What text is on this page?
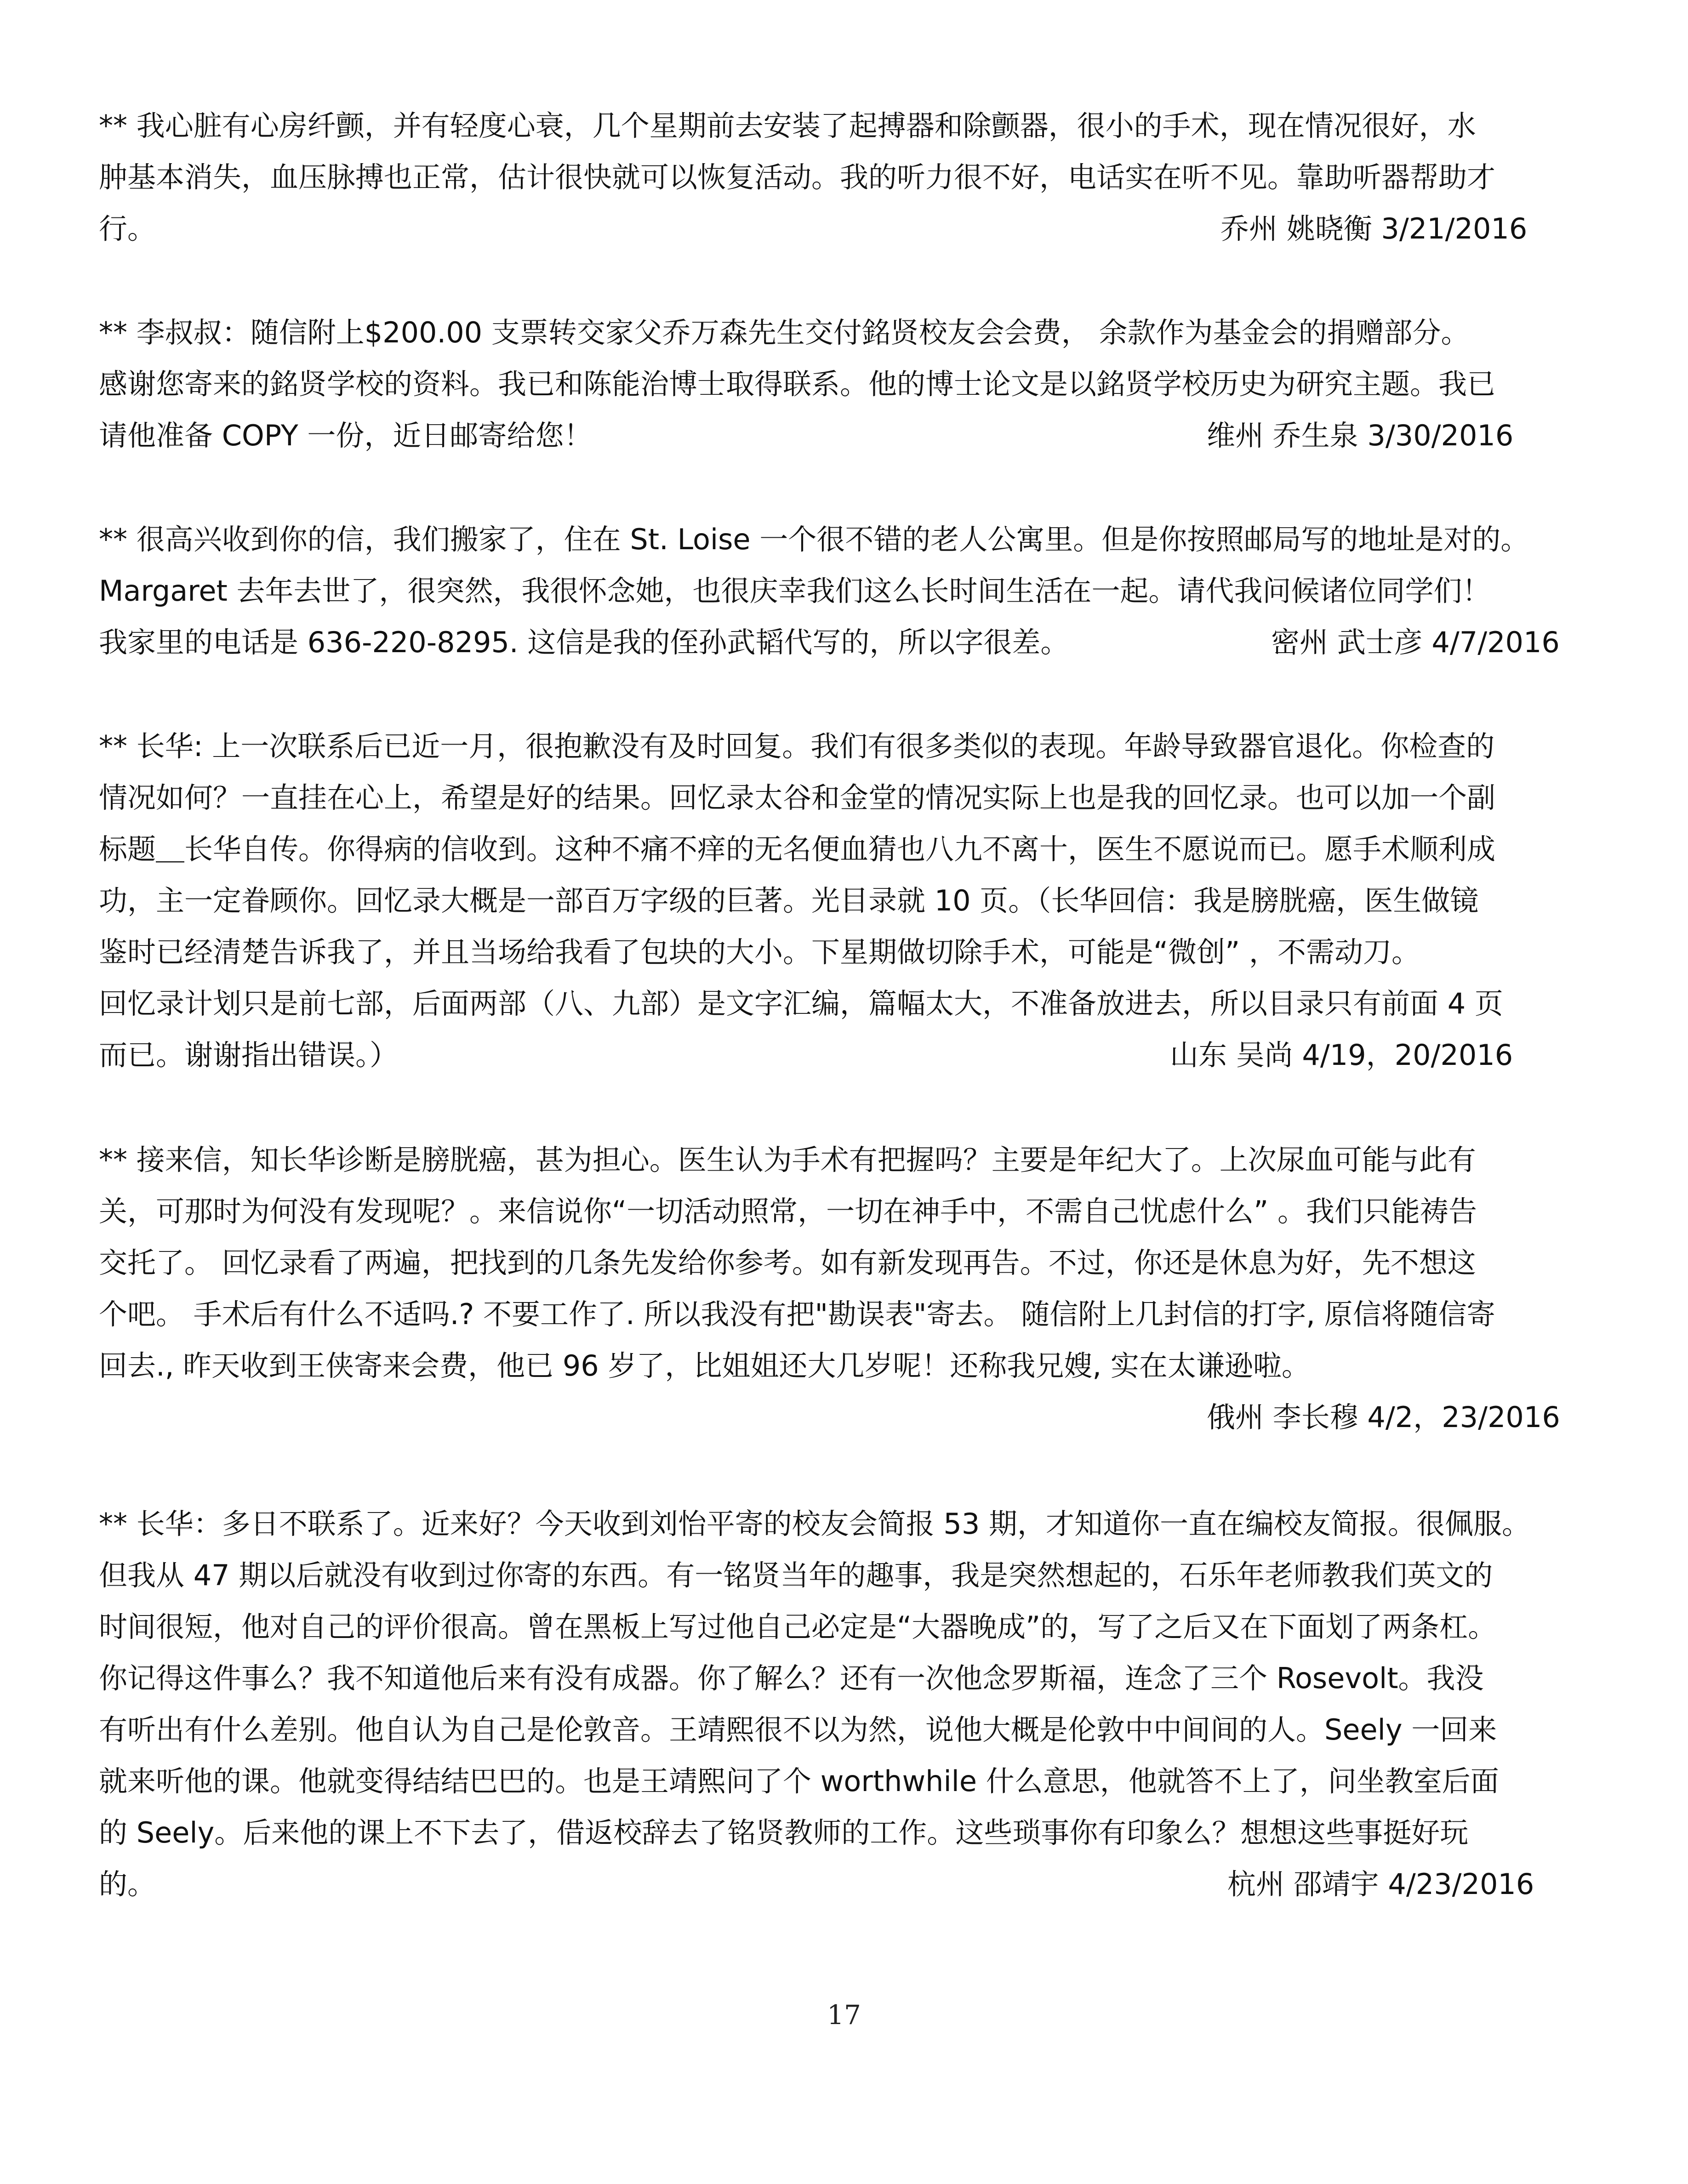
** 我心脏有心房纤颤，并有轻度心衰，几个星期前去安装了起搏器和除颤器，很小的手术，现在情况很好，水
肿基本消失，血压脉搏也正常，估计很快就可以恢复活动。我的听力很不好，电话实在听不见。靠助听器帮助才
行。	乔州 姚晓衡 3/21/2016
** 李叔叔：随信附上$200.00 支票转交家父乔万森先生交付銘贤校友会会费， 余款作为基金会的捐赠部分。
感谢您寄来的銘贤学校的资料。我已和陈能治博士取得联系。他的博士论文是以銘贤学校历史为研究主题。我已
请他准备 COPY 一份，近日邮寄给您！	维州 乔生泉 3/30/2016
** 很高兴收到你的信，我们搬家了，住在 St. Loise 一个很不错的老人公寓里。但是你按照邮局写的地址是对的。
Margaret 去年去世了，很突然，我很怀念她，也很庆幸我们这么长时间生活在一起。请代我问候诸位同学们！
我家里的电话是 636-220-8295. 这信是我的侄孙武韬代写的，所以字很差。	密州 武士彦 4/7/2016
** 长华: 上一次联系后已近一月，很抱歉没有及时回复。我们有很多类似的表现。年龄导致器官退化。你检查的
情况如何？一直挂在心上，希望是好的结果。回忆录太谷和金堂的情况实际上也是我的回忆录。也可以加一个副
标题＿长华自传。你得病的信收到。这种不痛不痒的无名便血猜也八九不离十，医生不愿说而已。愿手术顺利成
功，主一定眷顾你。回忆录大概是一部百万字级的巨著。光目录就 10 页。（长华回信：我是膀胱癌，医生做镜
鉴时已经清楚告诉我了，并且当场给我看了包块的大小。下星期做切除手术，可能是“微创” ，不需动刀。
回忆录计划只是前七部，后面两部（八、九部）是文字汇编，篇幅太大，不准备放进去，所以目录只有前面 4 页
而已。谢谢指出错误。）	山东 吴尚 4/19，20/2016
** 接来信，知长华诊断是膀胱癌，甚为担心。医生认为手术有把握吗？主要是年纪大了。上次尿血可能与此有
关，可那时为何没有发现呢？。来信说你“一切活动照常，一切在神手中，不需自己忧虑什么” 。我们只能祷告
交托了。 回忆录看了两遍，把找到的几条先发给你参考。如有新发现再告。不过，你还是休息为好，先不想这
个吧。 手术后有什么不适吗.? 不要工作了. 所以我没有把"勘误表"寄去。 随信附上几封信的打字, 原信将随信寄
回去., 昨天收到王侠寄来会费，他已 96 岁了，比姐姐还大几岁呢！还称我兄嫂, 实在太谦逊啦。
俄州 李长穆 4/2，23/2016
** 长华：多日不联系了。近来好？今天收到刘怡平寄的校友会简报 53 期，才知道你一直在编校友简报。很佩服。
但我从 47 期以后就没有收到过你寄的东西。有一铭贤当年的趣事，我是突然想起的，石乐年老师教我们英文的
时间很短，他对自己的评价很高。曾在黑板上写过他自己必定是“大器晚成”的，写了之后又在下面划了两条杠。
你记得这件事么？我不知道他后来有没有成器。你了解么？还有一次他念罗斯福，连念了三个 Rosevolt。我没
有听出有什么差别。他自认为自己是伦敦音。王靖熙很不以为然，说他大概是伦敦中中间间的人。Seely 一回来
就来听他的课。他就变得结结巴巴的。也是王靖熙问了个 worthwhile 什么意思，他就答不上了，问坐教室后面
的 Seely。后来他的课上不下去了，借返校辞去了铭贤教师的工作。这些琐事你有印象么？想想这些事挺好玩
的。	杭州 邵靖宇 4/23/2016
17
